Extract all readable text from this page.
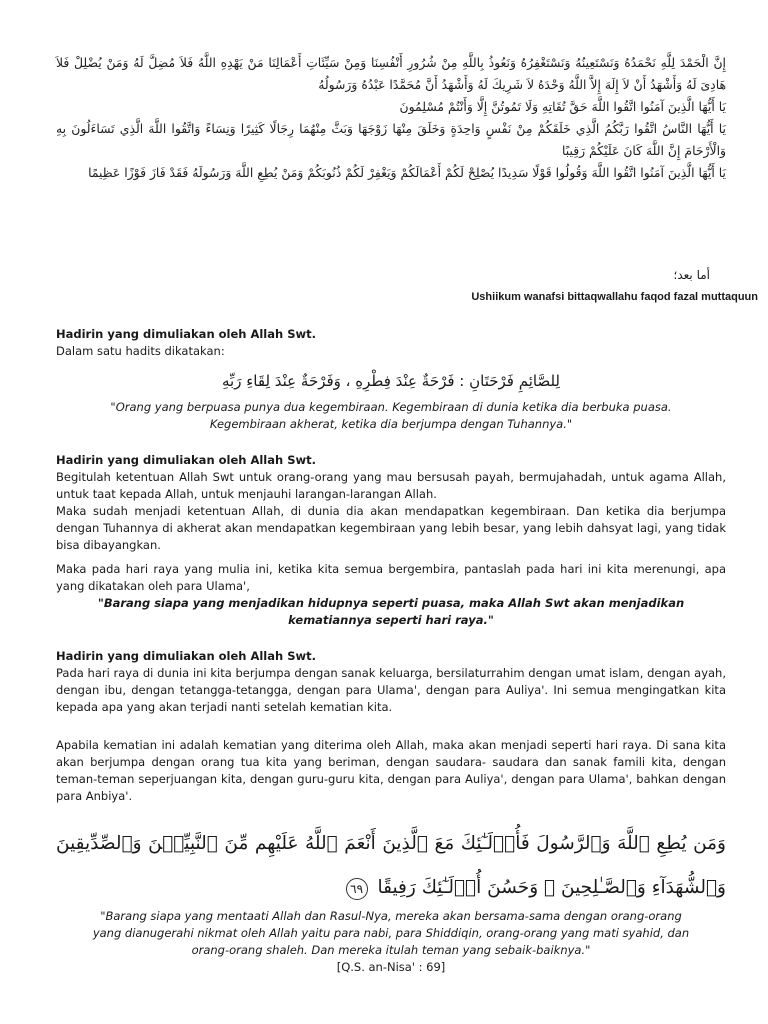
إِنَّ الْحَمْدَ لِلَّهِ نَحْمَدُهُ وَنَسْتَعِينُهُ وَنَسْتَغْفِرُهُ وَنَعُوذُ بِاللَّهِ مِنْ شُرُورِ أَنْفُسِنَا وَمِنْ سَيِّئَاتِ أَعْمَالِنَا مَنْ يَهْدِهِ اللَّهُ فَلاَ مُضِلَّ لَهُ وَمَنْ يُضْلِلْ فَلاَ هَادِىَ لَهُ وَأَشْهَدُ أَنْ لاَ إِلَهَ إِلاَّ اللَّهُ وَحْدَهُ لاَ شَرِيكَ لَهُ وَأَشْهَدُ أَنَّ مُحَمَّدًا عَبْدُهُ وَرَسُولُهُ

يَا أَيُّهَا الَّذِينَ آمَنُوا اتَّقُوا اللَّهَ حَقَّ تُقَاتِهِ وَلَا تَمُوتُنَّ إِلَّا وَأَنْتُمْ مُسْلِمُونَ

يَا أَيُّهَا النَّاسُ اتَّقُوا رَبَّكُمُ الَّذِي خَلَقَكُمْ مِنْ نَفْسٍ وَاحِدَةٍ وَخَلَقَ مِنْهَا زَوْجَهَا وَبَثَّ مِنْهُمَا رِجَالًا كَثِيرًا وَنِسَاءً وَاتَّقُوا اللَّهَ الَّذِي تَسَاءَلُونَ بِهِ وَالْأَرْحَامَ إِنَّ اللَّهَ كَانَ عَلَيْكُمْ رَقِيبًا

يَا أَيُّهَا الَّذِينَ آمَنُوا اتَّقُوا اللَّهَ وَقُولُوا قَوْلًا سَدِيدًا يُصْلِحْ لَكُمْ أَعْمَالَكُمْ وَيَغْفِرْ لَكُمْ ذُنُوبَكُمْ وَمَنْ يُطِعِ اللَّهَ وَرَسُولَهُ فَقَدْ فَازَ فَوْزًا عَظِيمًا

أما بعد؛
Ushiikum wanafsi bittaqwallahu faqod fazal muttaquun
Hadirin yang dimuliakan oleh Allah Swt.
Dalam satu hadits dikatakan:
لِلصَّائِمِ فَرْحَتَانِ : فَرْحَةٌ عِنْدَ فِطْرِهِ ، وَفَرْحَةٌ عِنْدَ لِقَاءِ رَبِّهِ
"Orang yang berpuasa punya dua kegembiraan. Kegembiraan di dunia ketika dia berbuka puasa.
Kegembiraan akherat, ketika dia berjumpa dengan Tuhannya."
Hadirin yang dimuliakan oleh Allah Swt.
Begitulah ketentuan Allah Swt untuk orang-orang yang mau bersusah payah, bermujahadah, untuk agama Allah, untuk taat kepada Allah, untuk menjauhi larangan-larangan Allah.
Maka sudah menjadi ketentuan Allah, di dunia dia akan mendapatkan kegembiraan. Dan ketika dia berjumpa dengan Tuhannya di akherat akan mendapatkan kegembiraan yang lebih besar, yang lebih dahsyat lagi, yang tidak bisa dibayangkan.
Maka pada hari raya yang mulia ini, ketika kita semua bergembira, pantaslah pada hari ini kita merenungi, apa yang dikatakan oleh para Ulama',
"Barang siapa yang menjadikan hidupnya seperti puasa, maka Allah Swt akan menjadikan
kematiannya seperti hari raya."
Hadirin yang dimuliakan oleh Allah Swt.
Pada hari raya di dunia ini kita berjumpa dengan sanak keluarga, bersilaturrahim dengan umat islam, dengan ayah, dengan ibu, dengan tetangga-tetangga, dengan para Ulama', dengan para Auliya'. Ini semua mengingatkan kita kepada apa yang akan terjadi nanti setelah kematian kita.
Apabila kematian ini adalah kematian yang diterima oleh Allah, maka akan menjadi seperti hari raya. Di sana kita akan berjumpa dengan orang tua kita yang beriman, dengan saudara- saudara dan sanak famili kita, dengan teman-teman seperjuangan kita, dengan guru-guru kita, dengan para Auliya', dengan para Ulama', bahkan dengan para Anbiya'.

وَمَن يُطِعِ ٱللَّهَ وَٱلرَّسُولَ فَأُو۟لَـٰٓئِكَ مَعَ ٱلَّذِينَ أَنْعَمَ ٱللَّهُ عَلَيْهِم مِّنَ ٱلنَّبِيِّـۧنَ وَٱلصِّدِّيقِينَ وَٱلشُّهَدَآءِ وَٱلصَّـٰلِحِينَ ۚ وَحَسُنَ أُو۟لَـٰٓئِكَ رَفِيقًا ٦٩

"Barang siapa yang mentaati Allah dan Rasul-Nya, mereka akan bersama-sama dengan orang-orang
yang dianugerahi nikmat oleh Allah yaitu para nabi, para Shiddiqin, orang-orang yang mati syahid, dan
orang-orang shaleh. Dan mereka itulah teman yang sebaik-baiknya."
[Q.S. an-Nisa' : 69]
